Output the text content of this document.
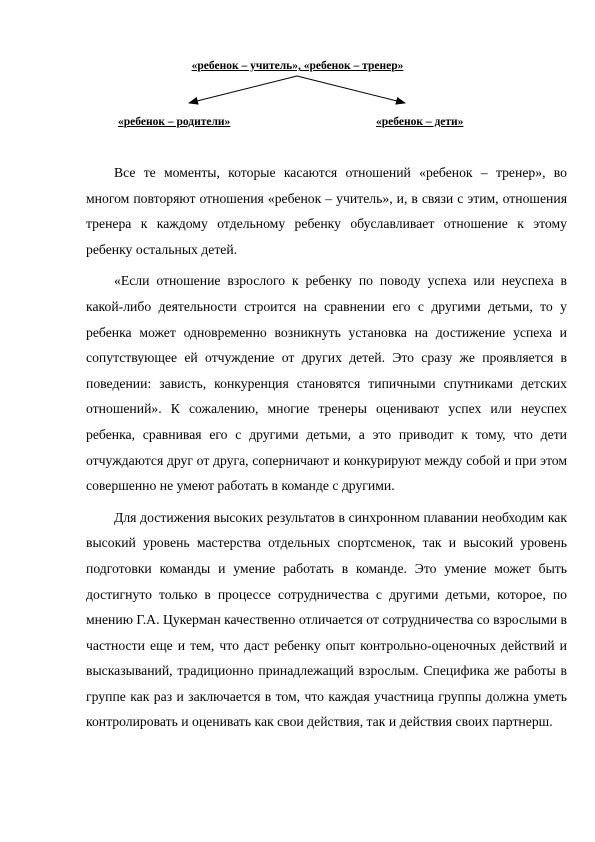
«ребенок – учитель», «ребенок – тренер»
«ребенок – родители»	«ребенок – дети»

Все те моменты, которые касаются отношений «ребенок – тренер», во многом повторяют отношения «ребенок – учитель», и, в связи с этим, отношения тренера к каждому отдельному ребенку обуславливает отношение к этому ребенку остальных детей.

«Если отношение взрослого к ребенку по поводу успеха или неуспеха в какой-либо деятельности строится на сравнении его с другими детьми, то у ребенка может одновременно возникнуть установка на достижение успеха и сопутствующее ей отчуждение от других детей. Это сразу же проявляется в поведении: зависть, конкуренция становятся типичными спутниками детских отношений». К сожалению, многие тренеры оценивают успех или неуспех ребенка, сравнивая его с другими детьми, а это приводит к тому, что дети отчуждаются друг от друга, соперничают и конкурируют между собой и при этом совершенно не умеют работать в команде с другими.

Для достижения высоких результатов в синхронном плавании необходим как высокий уровень мастерства отдельных спортсменок, так и высокий уровень подготовки команды и умение работать в команде. Это умение может быть достигнуто только в процессе сотрудничества с другими детьми, которое, по мнению Г.А. Цукерман качественно отличается от сотрудничества со взрослыми в частности еще и тем, что даст ребенку опыт контрольно-оценочных действий и высказываний, традиционно принадлежащий взрослым. Специфика же работы в группе как раз и заключается в том, что каждая участница группы должна уметь контролировать и оценивать как свои действия, так и действия своих партнерш.
